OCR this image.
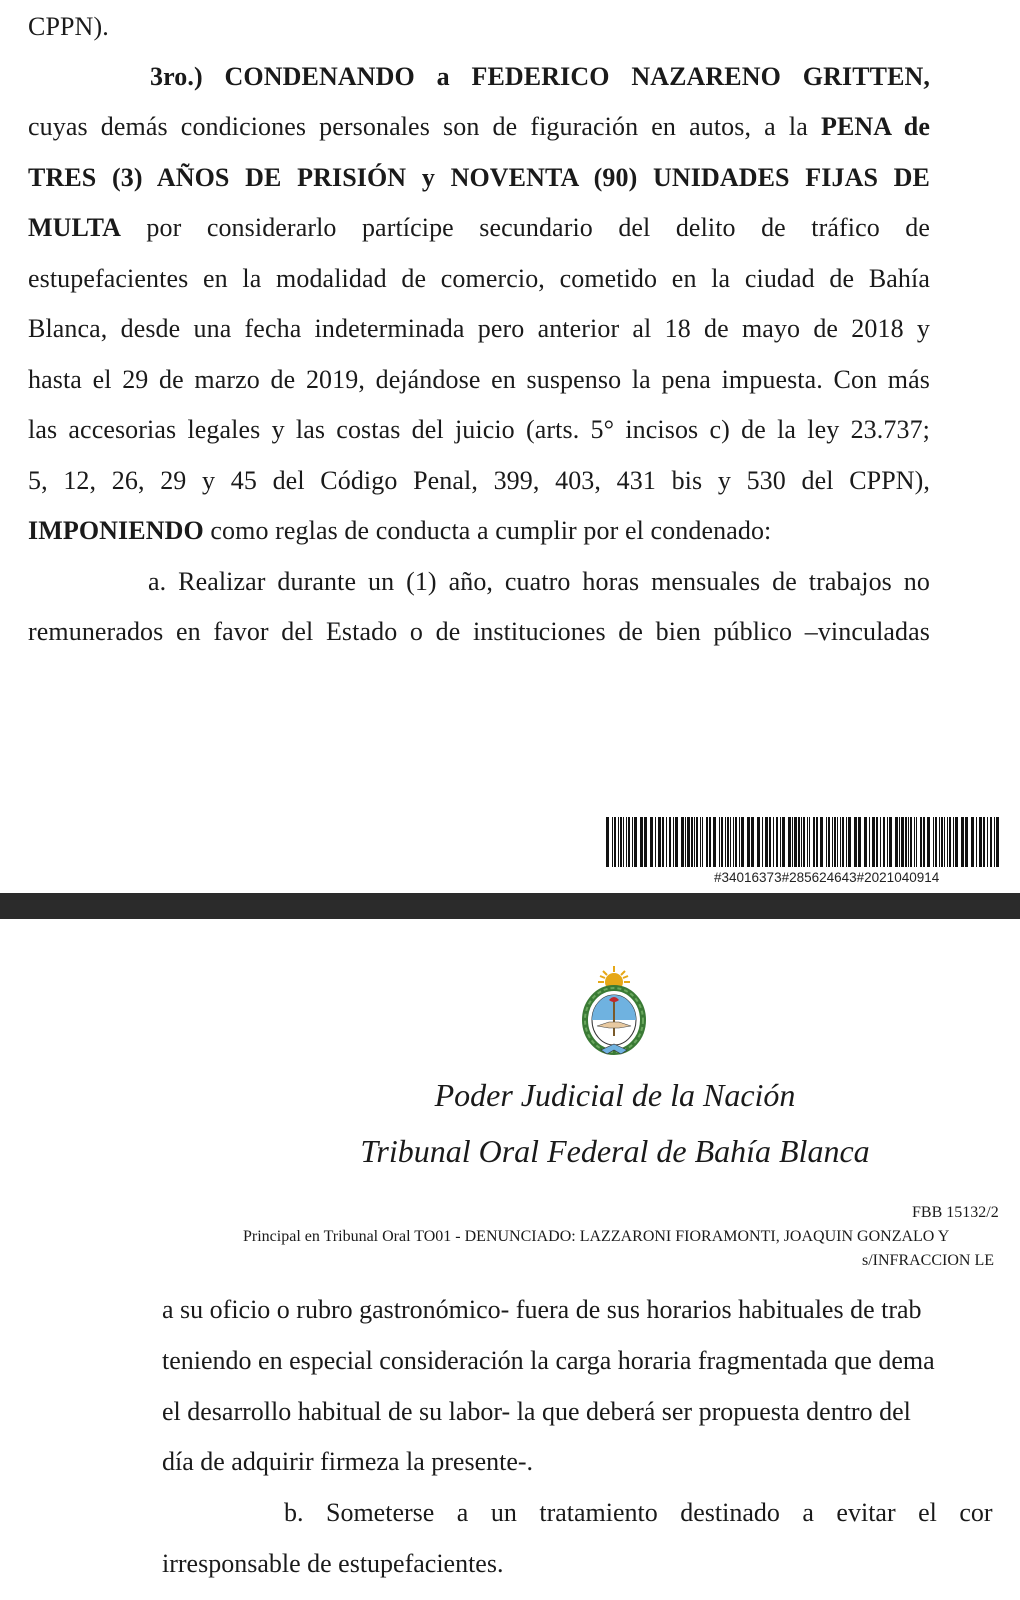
CPPN).
3ro.) CONDENANDO a FEDERICO NAZARENO GRITTEN,
cuyas demás condiciones personales son de figuración en autos, a la PENA de
TRES (3) AÑOS DE PRISIÓN y NOVENTA (90) UNIDADES FIJAS DE
MULTA por considerarlo partícipe secundario del delito de tráfico de
estupefacientes en la modalidad de comercio, cometido en la ciudad de Bahía
Blanca, desde una fecha indeterminada pero anterior al 18 de mayo de 2018 y
hasta el 29 de marzo de 2019, dejándose en suspenso la pena impuesta. Con más
las accesorias legales y las costas del juicio (arts. 5° incisos c) de la ley 23.737;
5, 12, 26, 29 y 45 del Código Penal, 399, 403, 431 bis y 530 del CPPN),
IMPONIENDO como reglas de conducta a cumplir por el condenado:
a. Realizar durante un (1) año, cuatro horas mensuales de trabajos no
remunerados en favor del Estado o de instituciones de bien público –vinculadas
#34016373#285624643#2021040914
Poder Judicial de la Nación
Tribunal Oral Federal de Bahía Blanca
FBB 15132/2
Principal en Tribunal Oral TO01 - DENUNCIADO: LAZZARONI FIORAMONTI, JOAQUIN GONZALO Y
s/INFRACCION LE
a su oficio o rubro gastronómico- fuera de sus horarios habituales de trab
teniendo en especial consideración la carga horaria fragmentada que dema
el desarrollo habitual de su labor- la que deberá ser propuesta dentro del
día de adquirir firmeza la presente-.
b. Someterse a un tratamiento destinado a evitar el cor
irresponsable de estupefacientes.
